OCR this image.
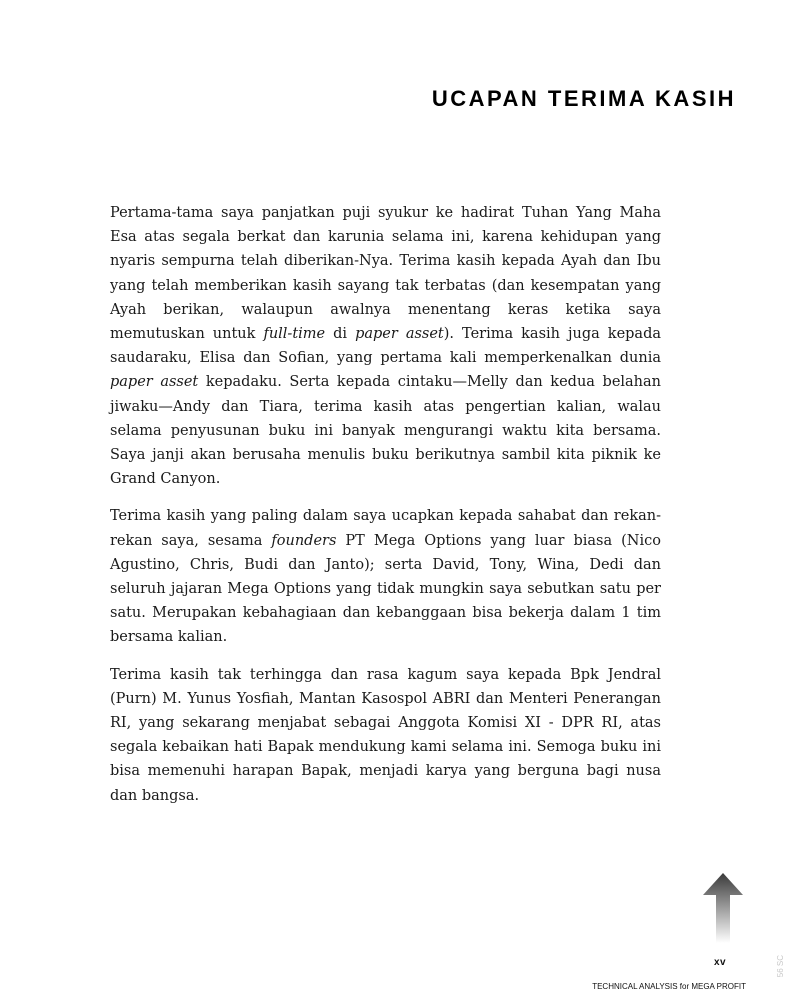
UCAPAN TERIMA KASIH

Pertama-tama saya panjatkan puji syukur ke hadirat Tuhan Yang Maha Esa atas segala berkat dan karunia selama ini, karena kehidupan yang nyaris sempurna telah diberikan-Nya. Terima kasih kepada Ayah dan Ibu yang telah memberikan kasih sayang tak terbatas (dan kesempatan yang Ayah berikan, walaupun awalnya menentang keras ketika saya memutuskan untuk full-time di paper asset). Terima kasih juga kepada saudaraku, Elisa dan Sofian, yang pertama kali memperkenalkan dunia paper asset kepadaku. Serta kepada cintaku—Melly dan kedua belahan jiwaku—Andy dan Tiara, terima kasih atas pengertian kalian, walau selama penyusunan buku ini banyak mengurangi waktu kita bersama. Saya janji akan berusaha menulis buku berikutnya sambil kita piknik ke Grand Canyon.

Terima kasih yang paling dalam saya ucapkan kepada sahabat dan rekan-rekan saya, sesama founders PT Mega Options yang luar biasa (Nico Agustino, Chris, Budi dan Janto); serta David, Tony, Wina, Dedi dan seluruh jajaran Mega Options yang tidak mungkin saya sebutkan satu per satu. Merupakan kebahagiaan dan kebanggaan bisa bekerja dalam 1 tim bersama kalian.

Terima kasih tak terhingga dan rasa kagum saya kepada Bpk Jendral (Purn) M. Yunus Yosfiah, Mantan Kasospol ABRI dan Menteri Penerangan RI, yang sekarang menjabat sebagai Anggota Komisi XI - DPR RI, atas segala kebaikan hati Bapak mendukung kami selama ini. Semoga buku ini bisa memenuhi harapan Bapak, menjadi karya yang berguna bagi nusa dan bangsa.

xv
TECHNICAL ANALYSIS for MEGA PROFIT
56 SC
